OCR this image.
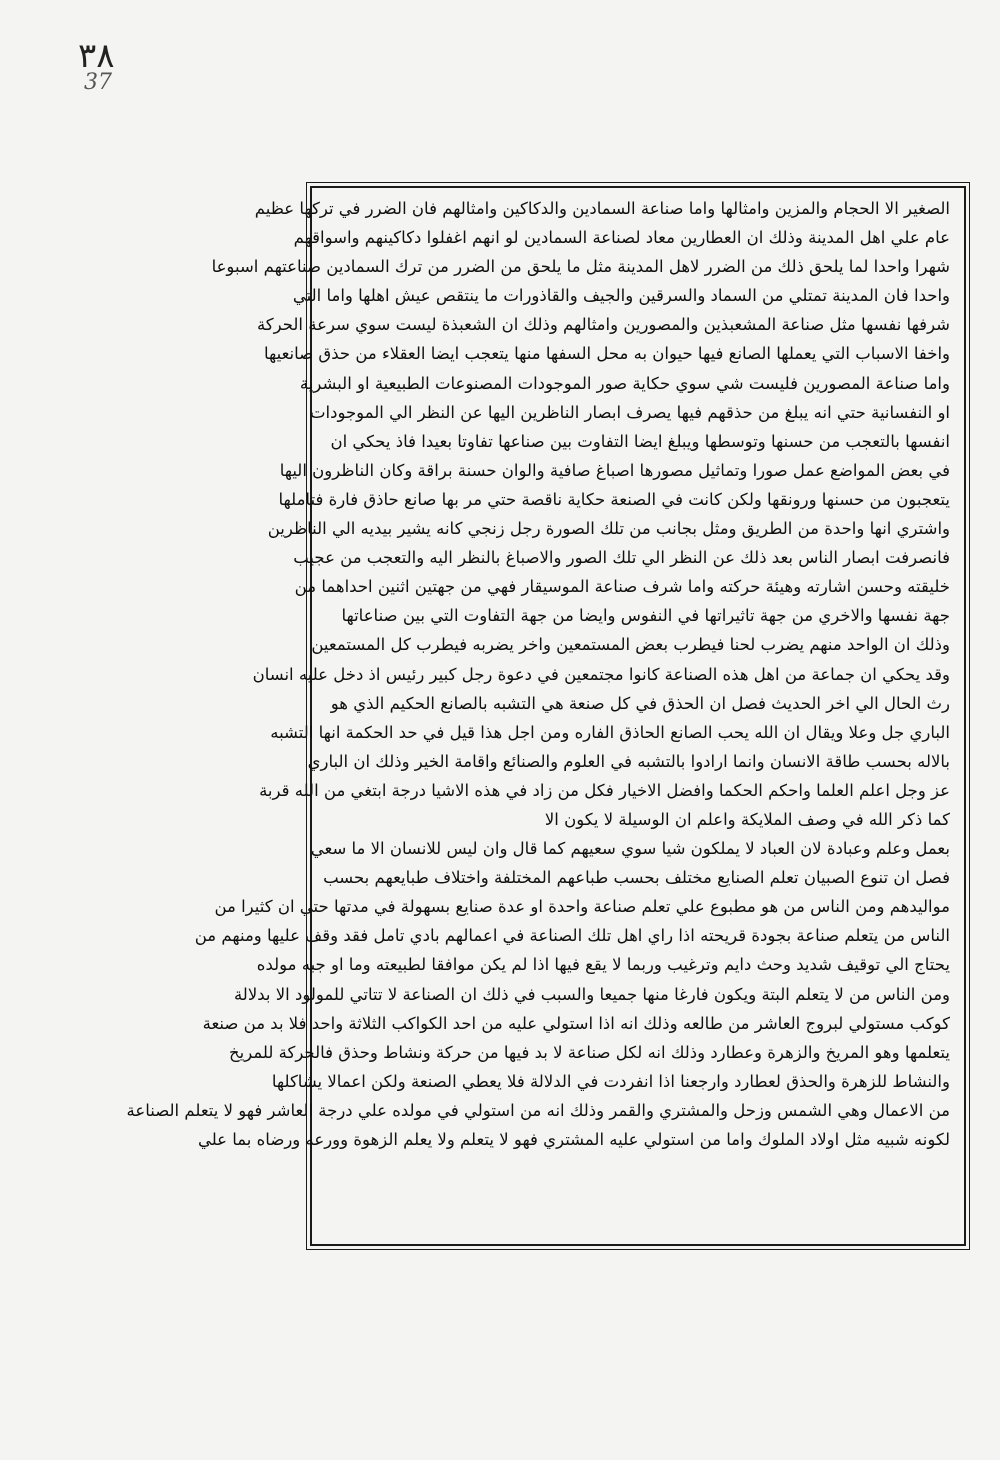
٣٨
37
الصغير الا الحجام والمزين وامثالها واما صناعة السمادين والدكاكين وامثالهم فان الضرر في تركها عظيم
عام علي اهل المدينة وذلك ان العطارين معاد لصناعة السمادين لو انهم اغفلوا دكاكينهم واسواقهم
شهرا واحدا لما يلحق ذلك من الضرر لاهل المدينة مثل ما يلحق من الضرر من ترك السمادين صناعتهم اسبوعا
واحدا فان المدينة تمتلي من السماد والسرقين والجيف والقاذورات ما ينتقص عيش اهلها واما التي
شرفها نفسها مثل صناعة المشعبذين والمصورين وامثالهم وذلك ان الشعبذة ليست سوي سرعة الحركة
واخفا الاسباب التي يعملها الصانع فيها حيوان به محل السفها منها يتعجب ايضا العقلاء من حذق صانعيها
واما صناعة المصورين فليست شي سوي حكاية صور الموجودات المصنوعات الطبيعية او البشرية
او النفسانية حتي انه يبلغ من حذقهم فيها يصرف ابصار الناظرين اليها عن النظر الي الموجودات
انفسها بالتعجب من حسنها وتوسطها ويبلغ ايضا التفاوت بين صناعها تفاوتا بعيدا فاذ يحكي ان
في بعض المواضع عمل صورا وتماثيل مصورها اصباغ صافية والوان حسنة براقة وكان الناظرون اليها
يتعجبون من حسنها ورونقها ولكن كانت في الصنعة حكاية ناقصة حتي مر بها صانع حاذق فارة فتاملها
واشتري انها واحدة من الطريق ومثل بجانب من تلك الصورة رجل زنجي كانه يشير بيديه الي الناظرين
فانصرفت ابصار الناس بعد ذلك عن النظر الي تلك الصور والاصباغ بالنظر اليه والتعجب من عجيب
خليقته وحسن اشارته وهيئة حركته واما شرف صناعة الموسيقار فهي من جهتين اثنين احداهما من
جهة نفسها والاخري من جهة تاثيراتها في النفوس وايضا من جهة التفاوت التي بين صناعاتها
وذلك ان الواحد منهم يضرب لحنا فيطرب بعض المستمعين واخر يضربه فيطرب كل المستمعين
وقد يحكي ان جماعة من اهل هذه الصناعة كانوا مجتمعين في دعوة رجل كبير رئيس اذ دخل عليه انسان
رث الحال الي اخر الحديث فصل ان الحذق في كل صنعة هي التشبه بالصانع الحكيم الذي هو
الباري جل وعلا ويقال ان الله يحب الصانع الحاذق الفاره ومن اجل هذا قيل في حد الحكمة انها التشبه
بالاله بحسب طاقة الانسان وانما ارادوا بالتشبه في العلوم والصنائع واقامة الخير وذلك ان الباري
عز وجل اعلم العلما واحكم الحكما وافضل الاخيار فكل من زاد في هذه الاشيا درجة ابتغي من الله قربة
كما ذكر الله في وصف الملايكة واعلم ان الوسيلة لا يكون الا
بعمل وعلم وعبادة لان العباد لا يملكون شيا سوي سعيهم كما قال وان ليس للانسان الا ما سعي
فصل ان تنوع الصبيان تعلم الصنايع مختلف بحسب طباعهم المختلفة واختلاف طبايعهم بحسب
مواليدهم ومن الناس من هو مطبوع علي تعلم صناعة واحدة او عدة صنايع بسهولة في مدتها حتي ان كثيرا من
الناس من يتعلم صناعة بجودة قريحته اذا راي اهل تلك الصناعة في اعمالهم بادي تامل فقد وقف عليها ومنهم من
يحتاج الي توقيف شديد وحث دايم وترغيب وربما لا يقع فيها اذا لم يكن موافقا لطبيعته وما او جبه مولده
ومن الناس من لا يتعلم البتة ويكون فارغا منها جميعا والسبب في ذلك ان الصناعة لا تتاتي للمولود الا بدلالة
كوكب مستولي لبروج العاشر من طالعه وذلك انه اذا استولي عليه من احد الكواكب الثلاثة واحد فلا بد من صنعة
يتعلمها وهو المريخ والزهرة وعطارد وذلك انه لكل صناعة لا بد فيها من حركة ونشاط وحذق فالحركة للمريخ
والنشاط للزهرة والحذق لعطارد وارجعنا اذا انفردت في الدلالة فلا يعطي الصنعة ولكن اعمالا يشاكلها
من الاعمال وهي الشمس وزحل والمشتري والقمر وذلك انه من استولي في مولده علي درجة العاشر فهو لا يتعلم الصناعة
لكونه شبيه مثل اولاد الملوك واما من استولي عليه المشتري فهو لا يتعلم ولا يعلم الزهوة وورعه ورضاه بما علي
